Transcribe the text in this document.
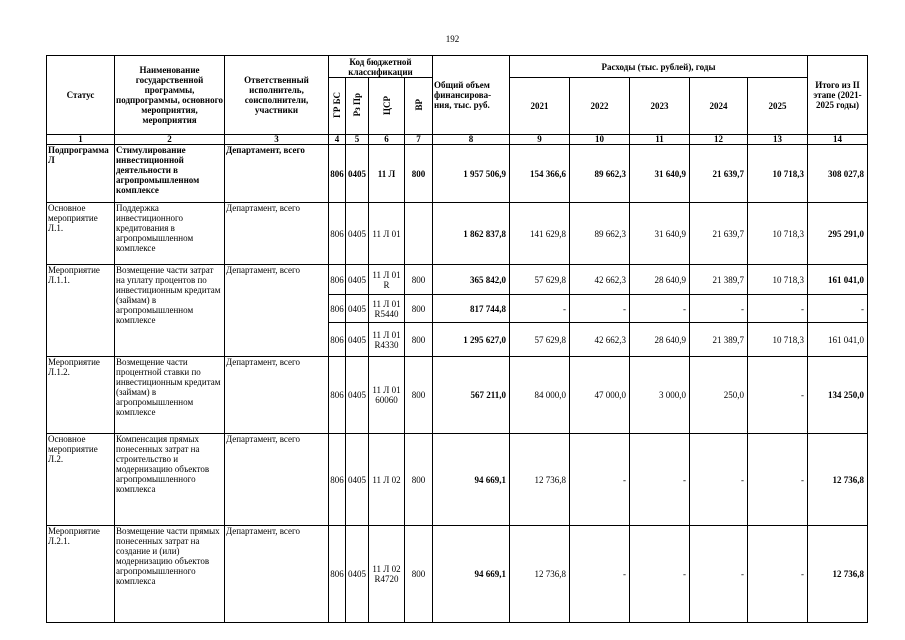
192
Статус	Наименование государственной программы, подпрограммы, основного мероприятия, мероприятия	Ответственный исполнитель, соисполнители, участники	Код бюджетной классификации				Общий объем финансирова-ния, тыс. руб.	Расходы (тыс. рублей), годы					Итого из II этапе (2021-2025 годы)
			ГР БС	Рз Пр	ЦСР	ВР		2021	2022	2023	2024	2025	
1	2	3	4	5	6	7	8	9	10	11	12	13	14
Подпрограмма Л	Стимулирование инвестиционной деятельности в агропромышленном комплексе	Департамент, всего	806	0405	11 Л	800	1 957 506,9	154 366,6	89 662,3	31 640,9	21 639,7	10 718,3	308 027,8
Основное мероприятие Л.1.	Поддержка инвестиционного кредитования в агропромышленном комплексе	Департамент, всего	806	0405	11 Л 01		1 862 837,8	141 629,8	89 662,3	31 640,9	21 639,7	10 718,3	295 291,0
Мероприятие Л.1.1.	Возмещение части затрат на уплату процентов по инвестиционным кредитам (займам) в агропромышленном комплексе	Департамент, всего	806	0405	11 Л 01 R	800	365 842,0	57 629,8	42 662,3	28 640,9	21 389,7	10 718,3	161 041,0
			806	0405	11 Л 01 R5440	800	817 744,8	-	-	-	-	-	-
			806	0405	11 Л 01 R4330	800	1 295 627,0	57 629,8	42 662,3	28 640,9	21 389,7	10 718,3	161 041,0
Мероприятие Л.1.2.	Возмещение части процентной ставки по инвестиционным кредитам (займам) в агропромышленном комплексе	Департамент, всего	806	0405	11 Л 01 60060	800	567 211,0	84 000,0	47 000,0	3 000,0	250,0	-	134 250,0
Основное мероприятие Л.2.	Компенсация прямых понесенных затрат на строительство и модернизацию объектов агропромышленного комплекса	Департамент, всего	806	0405	11 Л 02	800	94 669,1	12 736,8	-	-	-	-	12 736,8
Мероприятие Л.2.1.	Возмещение части прямых понесенных затрат на создание и (или) модернизацию объектов агропромышленного комплекса	Департамент, всего	806	0405	11 Л 02 R4720	800	94 669,1	12 736,8	-	-	-	-	12 736,8
